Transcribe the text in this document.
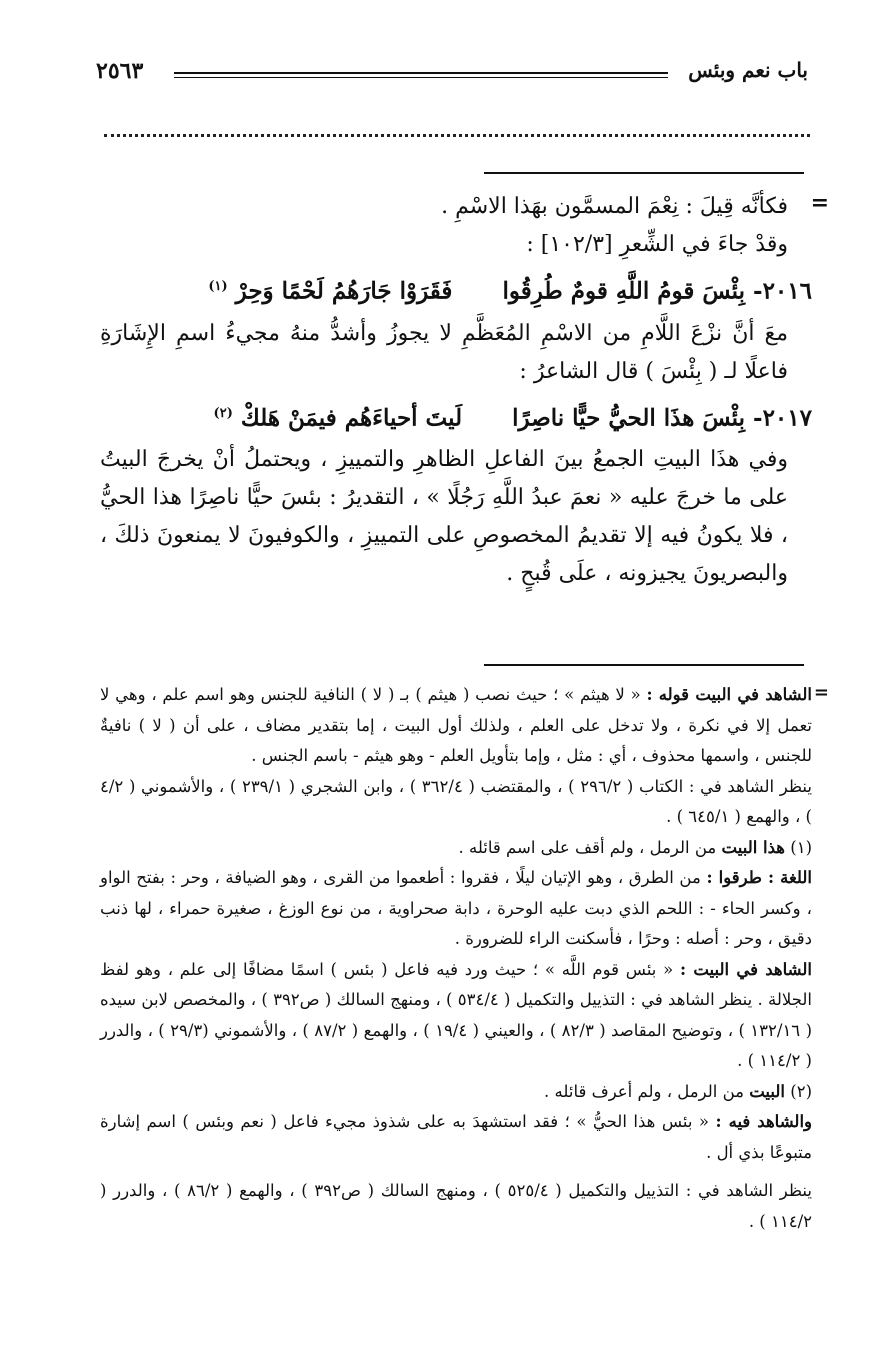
باب نعم وبئس
٢٥٦٣
=

فكأنَّه قِيلَ : نِعْمَ المسمَّون بهَذا الاسْمِ .

وقدْ جاءَ في الشِّعرِ [١٠٢/٣] :

٢٠١٦- بِئْسَ قومُ اللَّهِ قومٌ طُرِقُوا  فَقَرَوْا جَارَهُمُ لَحْمًا وَحِرْ $^{(١)}$

معَ أنَّ نزْعَ اللَّامِ من الاسْمِ المُعَظَّمِ لا يجوزُ وأشدُّ منهُ مجيءُ اسمِ الإِشَارَةِ فاعلًا لـ ( بِئْسَ ) قال الشاعرُ :

٢٠١٧- بِئْسَ هذَا الحيُّ حيًّا ناصِرًا  لَيتَ أحياءَهُم فيمَنْ هَلكْ $^{(٢)}$

وفي هذَا البيتِ الجمعُ بينَ الفاعلِ الظاهرِ والتمييزِ ، ويحتملُ أنْ يخرجَ البيتُ على ما خرجَ عليه « نعمَ عبدُ اللَّهِ رَجُلًا » ، التقديرُ : بئسَ حيًّا ناصِرًا هذا الحيُّ ، فلا يكونُ فيه إلا تقديمُ المخصوصِ على التمييزِ ، والكوفيونَ لا يمنعونَ ذلكَ ، والبصريونَ يجيزونه ، علَى قُبحٍ .

=

الشاهد في البيت قوله : « لا هيثم » ؛ حيث نصب ( هيثم ) بـ ( لا ) النافية للجنس وهو اسم علم ، وهي لا تعمل إلا في نكرة ، ولا تدخل على العلم ، ولذلك أول البيت ، إما بتقدير مضاف ، على أن ( لا ) نافيةٌ للجنس ، واسمها محذوف ، أي : مثل ، وإما بتأويل العلم - وهو هيثم - باسم الجنس .

ينظر الشاهد في : الكتاب ( ٢٩٦/٢ ) ، والمقتضب ( ٣٦٢/٤ ) ، وابن الشجري ( ٢٣٩/١ ) ، والأشموني ( ٤/٢ ) ، والهمع ( ٦٤٥/١ ) .

(١) هذا البيت من الرمل ، ولم أقف على اسم قائله .

اللغة : طرقوا : من الطرق ، وهو الإتيان ليلًا ، فقروا : أطعموا من القرى ، وهو الضيافة ، وحر : بفتح الواو ، وكسر الحاء - : اللحم الذي دبت عليه الوحرة ، دابة صحراوية ، من نوع الوزغ ، صغيرة حمراء ، لها ذنب دقيق ، وحر : أصله : وحرًا ، فأسكنت الراء للضرورة .

الشاهد في البيت : « بئس قوم اللَّه » ؛ حيث ورد فيه فاعل ( بئس ) اسمًا مضافًا إلى علم ، وهو لفظ الجلالة . ينظر الشاهد في : التذييل والتكميل ( ٥٣٤/٤ ) ، ومنهج السالك ( ص٣٩٢ ) ، والمخصص لابن سيده ( ١٣٢/١٦ ) ، وتوضيح المقاصد ( ٨٢/٣ ) ، والعيني ( ١٩/٤ ) ، والهمع ( ٨٧/٢ ) ، والأشموني (٢٩/٣ ) ، والدرر ( ١١٤/٢ ) .

(٢) البيت من الرمل ، ولم أعرف قائله .

والشاهد فيه : « بئس هذا الحيُّ » ؛ فقد استشهدَ به على شذوذ مجيء فاعل ( نعم وبئس ) اسم إشارة متبوعًا بذي أل .

ينظر الشاهد في : التذييل والتكميل ( ٥٢٥/٤ ) ، ومنهج السالك ( ص٣٩٢ ) ، والهمع ( ٨٦/٢ ) ، والدرر ( ١١٤/٢ ) .
